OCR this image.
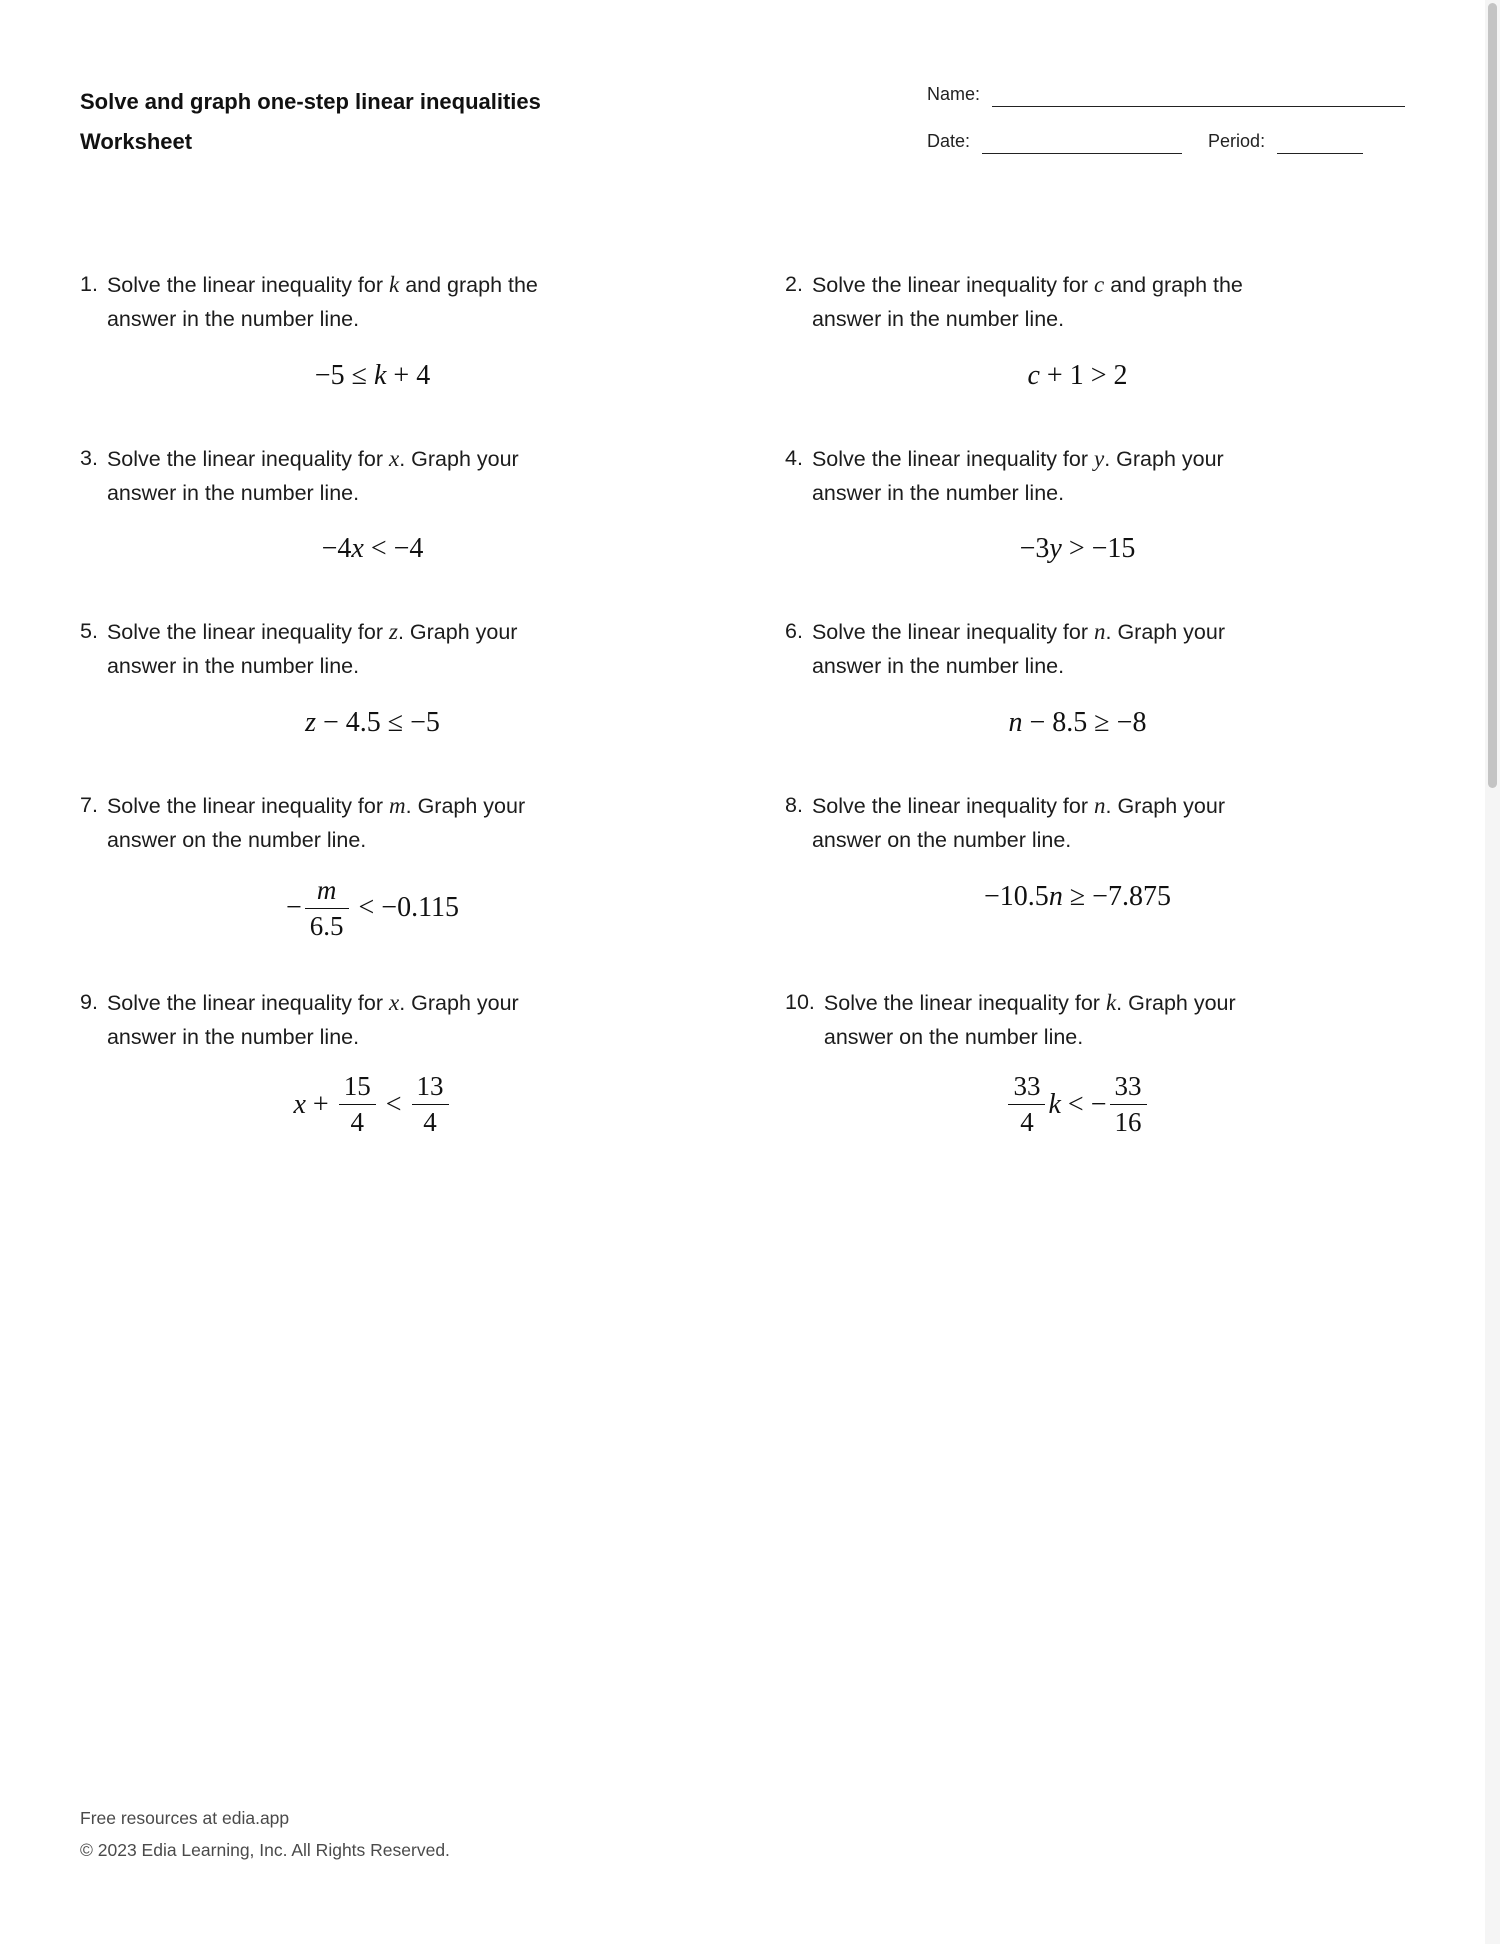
Solve and graph one-step linear inequalities
Worksheet
Name:
Date:	Period:
1. Solve the linear inequality for k and graph the answer in the number line.
−5 ≤ k + 4
2. Solve the linear inequality for c and graph the answer in the number line.
c + 1 > 2
3. Solve the linear inequality for x. Graph your answer in the number line.
−4 x < −4
4. Solve the linear inequality for y. Graph your answer in the number line.
−3 y > −15
5. Solve the linear inequality for z. Graph your answer in the number line.
z − 4.5 ≤ −5
6. Solve the linear inequality for n. Graph your answer in the number line.
n − 8.5 ≥ −8
7. Solve the linear inequality for m. Graph your answer on the number line.
− $\frac{m}{6.5} < -0.115$
8. Solve the linear inequality for n. Graph your answer on the number line.
−10.5 n ≥ −7.875
9. Solve the linear inequality for x. Graph your answer in the number line.
$x + \frac{15}{4} < \frac{13}{4}$
10. Solve the linear inequality for k. Graph your answer on the number line.
$\frac{33}{4}$ k < − $\frac{33}{16}$
Free resources at edia.app
© 2023 Edia Learning, Inc. All Rights Reserved.
